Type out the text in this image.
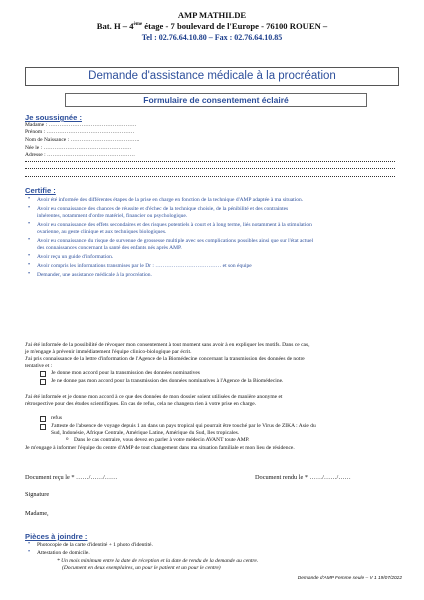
AMP MATHILDE
Bat. H – 4ème étage - 7 boulevard de l'Europe - 76100 ROUEN –
Tel : 02.76.64.10.80 – Fax : 02.76.64.10.85
Demande d'assistance médicale à la procréation
Formulaire de consentement éclairé
Je soussignée :
Madame : …………………………………………
Prénom : …………………………………………
Nom de Naissance : ………………………………..
Née le : …………………………………………
Adresse : …………………………………………
Certifie :
• Avoir été informée des différentes étapes de la prise en charge en fonction de la technique d'AMP adaptée à ma situation.
• Avoir eu connaissance des chances de réussite et d'échec de la technique choisie, de la pénibilité et des contraintes
inhérentes, notamment d'ordre matériel, financier ou psychologique.
• Avoir eu connaissance des effets secondaires et des risques potentiels à court et à long terme, liés notamment à la stimulation
ovarienne, au geste clinique et aux techniques biologiques.
• Avoir eu connaissance du risque de survenue de grossesse multiple avec ses complications possibles ainsi que sur l'état actuel
des connaissances concernant la santé des enfants nés après AMP.
• Avoir reçu un guide d'information.
• Avoir compris les informations transmises par le Dr : ……………………………… et son équipe
• Demander, une assistance médicale à la procréation.
J'ai été informée de la possibilité de révoquer mon consentement à tout moment sans avoir à en expliquer les motifs. Dans ce cas,
je m'engage à prévenir immédiatement l'équipe clinico-biologique par écrit.
J'ai pris connaissance de la lettre d'information de l'Agence de la Biomédecine concernant la transmission des données de notre
tentative et :
Je donne mon accord pour la transmission des données nominatives
Je ne donne pas mon accord pour la transmission des données nominatives à l'Agence de la Biomédecine.
J'ai été informée et je donne mon accord à ce que des données de mon dossier soient utilisées de manière anonyme et
rétrospective pour des études scientifiques. En cas de refus, cela ne changera rien à votre prise en charge.
refus
J'atteste de l'absence de voyage depuis 1 an dans un pays tropical qui pourrait être touché par le Virus de ZIKA : Asie du
Sud, Indonésie, Afrique Centrale, Amérique Latine, Amérique du Sud, Iles tropicales.
o Dans le cas contraire, vous devez en parler à votre médecin AVANT toute AMP.
Je m'engage à informer l'équipe du centre d'AMP de tout changement dans ma situation familiale et mon lieu de résidence.
Document reçu le * ……/……/……	Document rendu le * ……/……/……
Signature
Madame,
Pièces à joindre :
• Photocopie de la carte d'identité + 1 photo d'identité.
• Attestation de domicile.
* Un mois minimum entre la date de réception et la date de rendu de la demande au centre.
(Document en deux exemplaires, un pour le patient et un pour le centre)
Demande d'AMP Femme seule – V 1 19/07/2022
